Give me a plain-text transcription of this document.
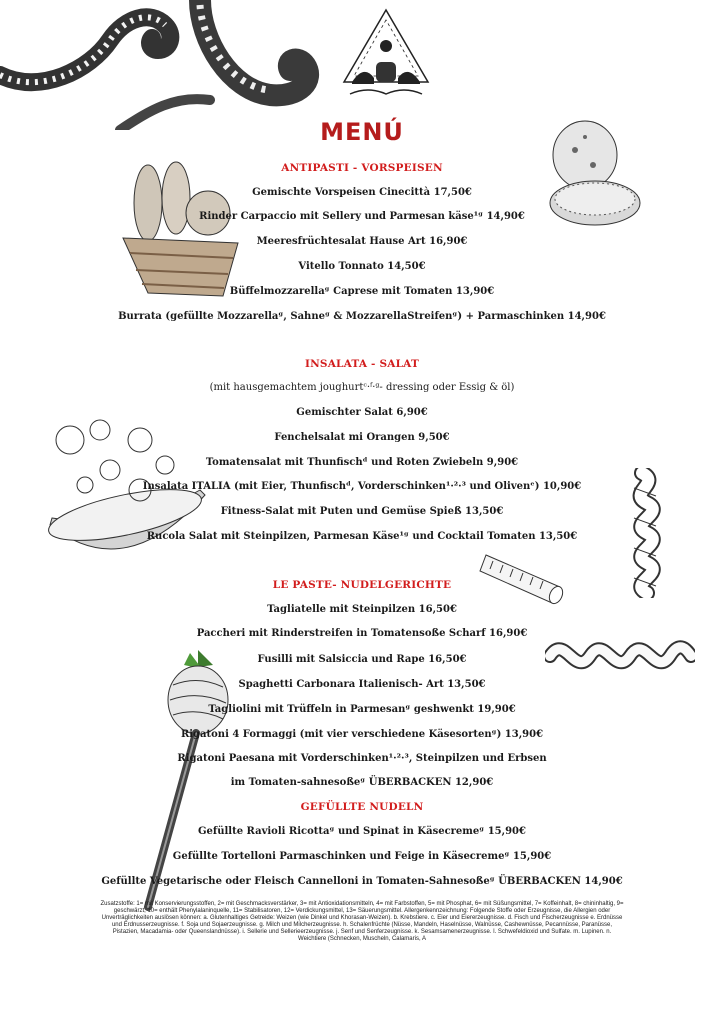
MENÚ
ANTIPASTI - VORSPEISEN
Gemischte Vorspeisen Cinecittà 17,50€
Rinder Carpaccio mit Sellery und Parmesan käse¹ᵍ 14,90€
Meeresfrüchtesalat Hause Art 16,90€
Vitello Tonnato 14,50€
Büffelmozzarellaᵍ Caprese mit Tomaten 13,90€
Burrata (gefüllte Mozzarellaᵍ, Sahneᵍ & MozzarellaStreifenᵍ) + Parmaschinken 14,90€
INSALATA - SALAT
(mit hausgemachtem joughurtᶜ·ᶠ·ᵍ- dressing oder Essig & öl)
Gemischter Salat 6,90€
Fenchelsalat mi Orangen 9,50€
Tomatensalat mit Thunfischᵈ und Roten Zwiebeln 9,90€
Insalata ITALIA (mit Eier, Thunfischᵈ, Vorderschinken¹·²·³ und Olivenᵉ) 10,90€
Fitness-Salat mit Puten und Gemüse Spieß 13,50€
Rucola Salat mit Steinpilzen, Parmesan Käse¹ᵍ und Cocktail Tomaten 13,50€
LE PASTE- NUDELGERICHTE
Tagliatelle mit Steinpilzen 16,50€
Paccheri mit Rinderstreifen in Tomatensoße Scharf 16,90€
Fusilli mit Salsiccia und Rape 16,50€
Spaghetti Carbonara Italienisch- Art 13,50€
Tagliolini mit Trüffeln in Parmesanᵍ geshwenkt 19,90€
Rigatoni 4 Formaggi (mit vier verschiedene Käsesortenᵍ) 13,90€
Rigatoni Paesana mit Vorderschinken¹·²·³, Steinpilzen und Erbsen
im Tomaten-sahnesoßeᵍ ÜBERBACKEN 12,90€
GEFÜLLTE NUDELN
Gefüllte Ravioli Ricottaᵍ und Spinat in Käsecremeᵍ 15,90€
Gefüllte Tortelloni Parmaschinken und Feige in Käsecremeᵍ 15,90€
Gefüllte Vegetarische oder Fleisch Cannelloni in Tomaten-Sahnesoßeᵍ ÜBERBACKEN 14,90€
Zusatzstoffe: 1= mit Konservierungsstoffen, 2= mit Geschmacksverstärker, 3= mit Antioxidationsmitteln, 4= mit Farbstoffen, 5= mit Phosphat, 6= mit Süßungsmittel, 7= Koffeinhalt, 8= chininhaltig, 9= geschwärzt, 10= enthält Phenylalaninquelle, 11= Stabilisatoren, 12= Verdickungsmittel, 13= Säuerungsmittel. Allergenkennzeichnung: Folgende Stoffe oder Erzeugnisse, die Allergien oder Unverträglichkeiten auslösen können: a. Glutenhaltiges Getreide: Weizen (wie Dinkel und Khorasan-Weizen). b. Krebstiere. c. Eier und Eiererzeugnisse. d. Fisch und Fischerzeugnisse e. Erdnüsse und Erdnusserzeugnisse. f. Soja und Sojaerzeugnisse. g. Milch und Milcherzeugnisse. h. Schalenfrüchte (Nüsse, Mandeln, Haselnüsse, Walnüsse, Cashewnüsse, Pecannüsse, Paranüsse, Pistazien, Macadamia- oder Queenslandnüsse). i. Sellerie und Sellerieerzeugnisse. j. Senf und Senferzeugnisse. k. Sesamsamenerzeugnisse. l. Schwefeldioxid und Sulfate. m. Lupinen. n. Weichtiere (Schnecken, Muscheln, Calamaris, A
